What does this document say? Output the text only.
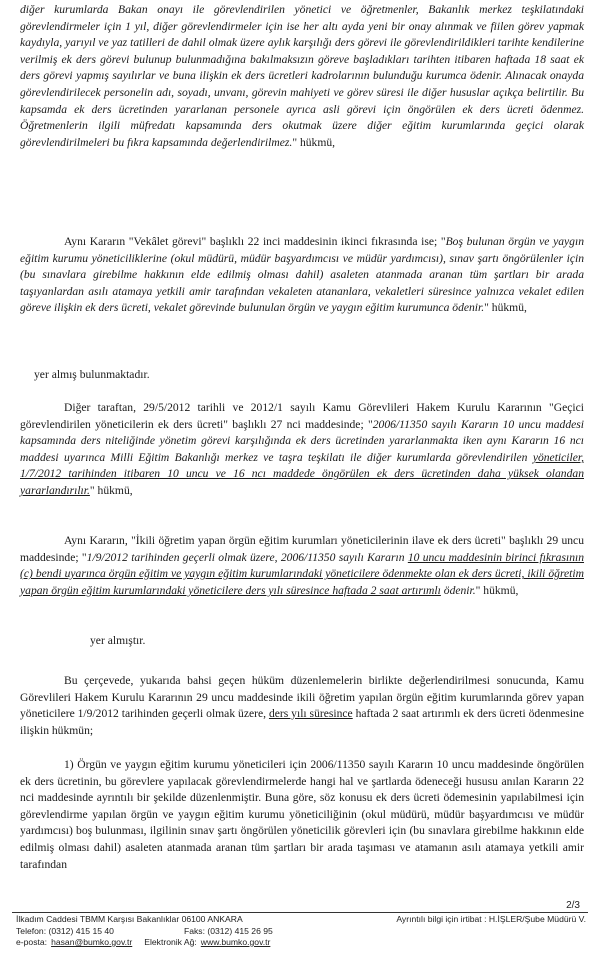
diğer kurumlarda Bakan onayı ile görevlendirilen yönetici ve öğretmenler, Bakanlık merkez teşkilatındaki görevlendirmeler için 1 yıl, diğer görevlendirmeler için ise her altı ayda yeni bir onay alınmak ve fiilen görev yapmak kaydıyla, yarıyıl ve yaz tatilleri de dahil olmak üzere aylık karşılığı ders görevi ile görevlendirildikleri tarihte kendilerine verilmiş ek ders görevi bulunup bulunmadığına bakılmaksızın göreve başladıkları tarihten itibaren haftada 18 saat ek ders görevi yapmış sayılırlar ve buna ilişkin ek ders ücretleri kadrolarının bulunduğu kurumca ödenir. Alınacak onayda görevlendirilecek personelin adı, soyadı, unvanı, görevin mahiyeti ve görev süresi ile diğer hususlar açıkça belirtilir. Bu kapsamda ek ders ücretinden yararlanan personele ayrıca asli görevi için öngörülen ek ders ücreti ödenmez. Öğretmenlerin ilgili müfredatı kapsamında ders okutmak üzere diğer eğitim kurumlarında geçici olarak görevlendirilmeleri bu fıkra kapsamında değerlendirilmez." hükmü,

Aynı Kararın "Vekâlet görevi" başlıklı 22 inci maddesinin ikinci fıkrasında ise; "Boş bulunan örgün ve yaygın eğitim kurumu yöneticiliklerine (okul müdürü, müdür başyardımcısı ve müdür yardımcısı), sınav şartı öngörülenler için (bu sınavlara girebilme hakkının elde edilmiş olması dahil) asaleten atanmada aranan tüm şartları bir arada taşıyanlardan asılı atamaya yetkili amir tarafından vekaleten atananlara, vekaletleri süresince yalnızca vekalet edilen göreve ilişkin ek ders ücreti, vekalet görevinde bulunulan örgün ve yaygın eğitim kurumunca ödenir." hükmü,

yer almış bulunmaktadır.

Diğer taraftan, 29/5/2012 tarihli ve 2012/1 sayılı Kamu Görevlileri Hakem Kurulu Kararının "Geçici görevlendirilen yöneticilerin ek ders ücreti" başlıklı 27 nci maddesinde; "2006/11350 sayılı Kararın 10 uncu maddesi kapsamında ders niteliğinde yönetim görevi karşılığında ek ders ücretinden yararlanmakta iken aynı Kararın 16 ncı maddesi uyarınca Milli Eğitim Bakanlığı merkez ve taşra teşkilatı ile diğer kurumlarda görevlendirilen yöneticiler, 1/7/2012 tarihinden itibaren 10 uncu ve 16 ncı maddede öngörülen ek ders ücretinden daha yüksek olandan yararlandırılır." hükmü,

Aynı Kararın, "İkili öğretim yapan örgün eğitim kurumları yöneticilerinin ilave ek ders ücreti" başlıklı 29 uncu maddesinde; "1/9/2012 tarihinden geçerli olmak üzere, 2006/11350 sayılı Kararın 10 uncu maddesinin birinci fıkrasının (c) bendi uyarınca örgün eğitim ve yaygın eğitim kurumlarındaki yöneticilere ödenmekte olan ek ders ücreti, ikili öğretim yapan örgün eğitim kurumlarındaki yöneticilere ders yılı süresince haftada 2 saat artırımlı ödenir." hükmü,

yer almıştır.

Bu çerçevede, yukarıda bahsi geçen hüküm düzenlemelerin birlikte değerlendirilmesi sonucunda, Kamu Görevlileri Hakem Kurulu Kararının 29 uncu maddesinde ikili öğretim yapılan örgün eğitim kurumlarında görev yapan yöneticilere 1/9/2012 tarihinden geçerli olmak üzere, ders yılı süresince haftada 2 saat artırımlı ek ders ücreti ödenmesine ilişkin hükmün;

1) Örgün ve yaygın eğitim kurumu yöneticileri için 2006/11350 sayılı Kararın 10 uncu maddesinde öngörülen ek ders ücretinin, bu görevlere yapılacak görevlendirmelerde hangi hal ve şartlarda ödeneceği hususu anılan Kararın 22 nci maddesinde ayrıntılı bir şekilde düzenlenmiştir. Buna göre, söz konusu ek ders ücreti ödemesinin yapılabilmesi için görevlendirme yapılan örgün ve yaygın eğitim kurumu yöneticiliğinin (okul müdürü, müdür başyardımcısı ve müdür yardımcısı) boş bulunması, ilgilinin sınav şartı öngörülen yöneticilik görevleri için (bu sınavlara girebilme hakkının elde edilmiş olması dahil) asaleten atanmada aranan tüm şartları bir arada taşıması ve atamanın asılı atamaya yetkili amir tarafından

2/3
İlkadım Caddesi TBMM Karşısı Bakanlıklar 06100 ANKARA	Ayrıntılı bilgi için irtibat : H.İŞLER/Şube Müdürü V.
Telefon: (0312) 415 15 40	Faks: (0312) 415 26 95
e-posta: hasan@bumko.gov.tr Elektronik Ağ: www.bumko.gov.tr
